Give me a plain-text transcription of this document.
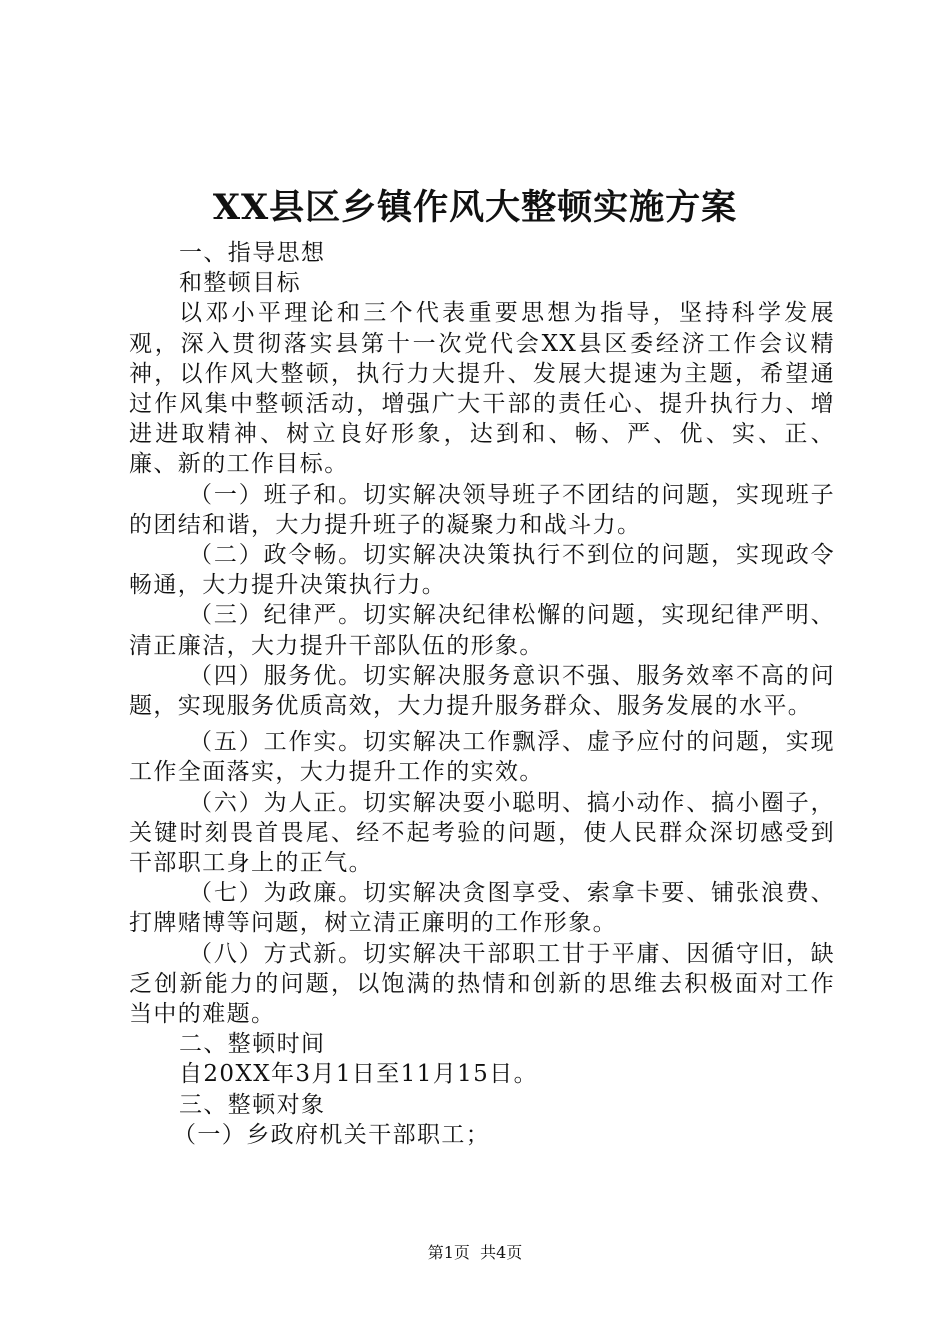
XX县区乡镇作风大整顿实施方案

一、指导思想

和整顿目标

以邓小平理论和三个代表重要思想为指导，坚持科学发展观，深入贯彻落实县第十一次党代会XX县区委经济工作会议精神，以作风大整顿，执行力大提升、发展大提速为主题，希望通过作风集中整顿活动，增强广大干部的责任心、提升执行力、增进进取精神、树立良好形象，达到和、畅、严、优、实、正、廉、新的工作目标。

（一）班子和。切实解决领导班子不团结的问题，实现班子的团结和谐，大力提升班子的凝聚力和战斗力。

（二）政令畅。切实解决决策执行不到位的问题，实现政令畅通，大力提升决策执行力。

（三）纪律严。切实解决纪律松懈的问题，实现纪律严明、清正廉洁，大力提升干部队伍的形象。

（四）服务优。切实解决服务意识不强、服务效率不高的问题，实现服务优质高效，大力提升服务群众、服务发展的水平。

（五）工作实。切实解决工作飘浮、虚予应付的问题，实现工作全面落实，大力提升工作的实效。

（六）为人正。切实解决耍小聪明、搞小动作、搞小圈子，关键时刻畏首畏尾、经不起考验的问题，使人民群众深切感受到干部职工身上的正气。

（七）为政廉。切实解决贪图享受、索拿卡要、铺张浪费、打牌赌博等问题，树立清正廉明的工作形象。

（八）方式新。切实解决干部职工甘于平庸、因循守旧，缺乏创新能力的问题，以饱满的热情和创新的思维去积极面对工作当中的难题。

二、整顿时间

自20XX年3月1日至11月15日。

三、整顿对象

（一）乡政府机关干部职工；

第1页 共4页
